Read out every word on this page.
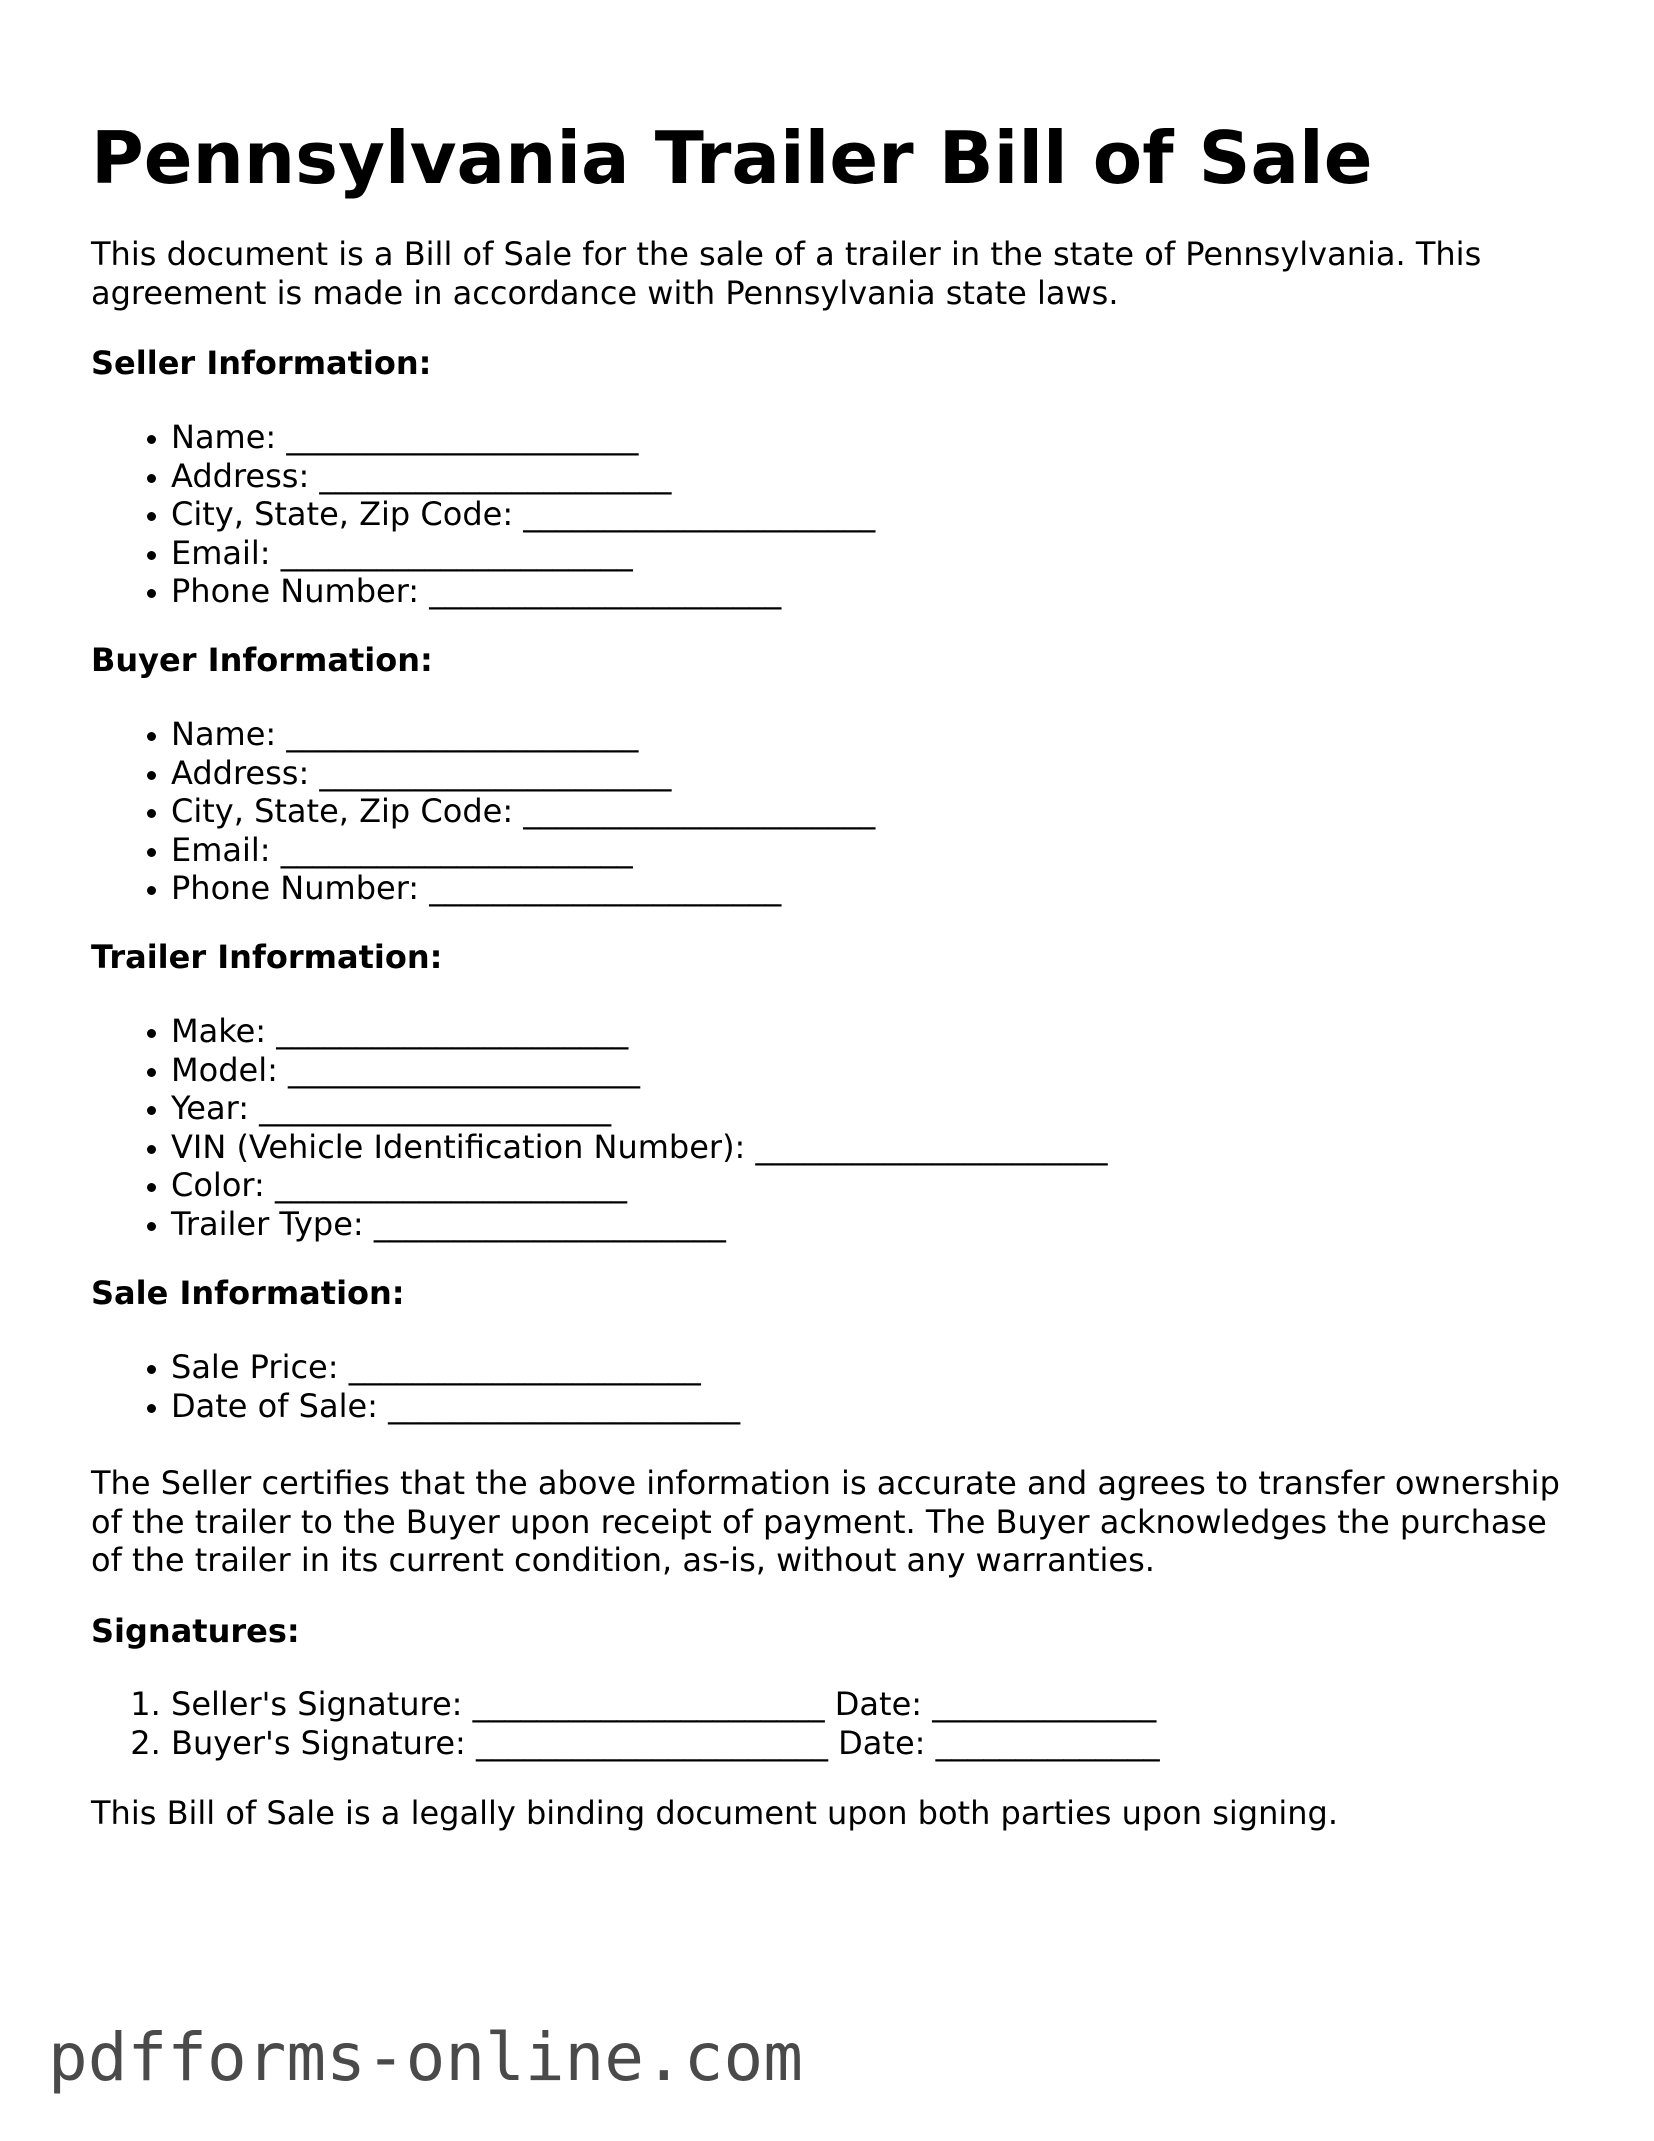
Pennsylvania Trailer Bill of Sale

This document is a Bill of Sale for the sale of a trailer in the state of Pennsylvania. This agreement is made in accordance with Pennsylvania state laws.

Seller Information:
• Name: ______________________
• Address: ______________________
• City, State, Zip Code: ______________________
• Email: ______________________
• Phone Number: ______________________
Buyer Information:
• Name: ______________________
• Address: ______________________
• City, State, Zip Code: ______________________
• Email: ______________________
• Phone Number: ______________________
Trailer Information:
• Make: ______________________
• Model: ______________________
• Year: ______________________
• VIN (Vehicle Identification Number): ______________________
• Color: ______________________
• Trailer Type: ______________________
Sale Information:
• Sale Price: ______________________
• Date of Sale: ______________________

The Seller certifies that the above information is accurate and agrees to transfer ownership of the trailer to the Buyer upon receipt of payment. The Buyer acknowledges the purchase of the trailer in its current condition, as-is, without any warranties.

Signatures:
1. Seller's Signature: ______________________ Date: ______________
2. Buyer's Signature: ______________________ Date: ______________

This Bill of Sale is a legally binding document upon both parties upon signing.

pdfforms-online.com
